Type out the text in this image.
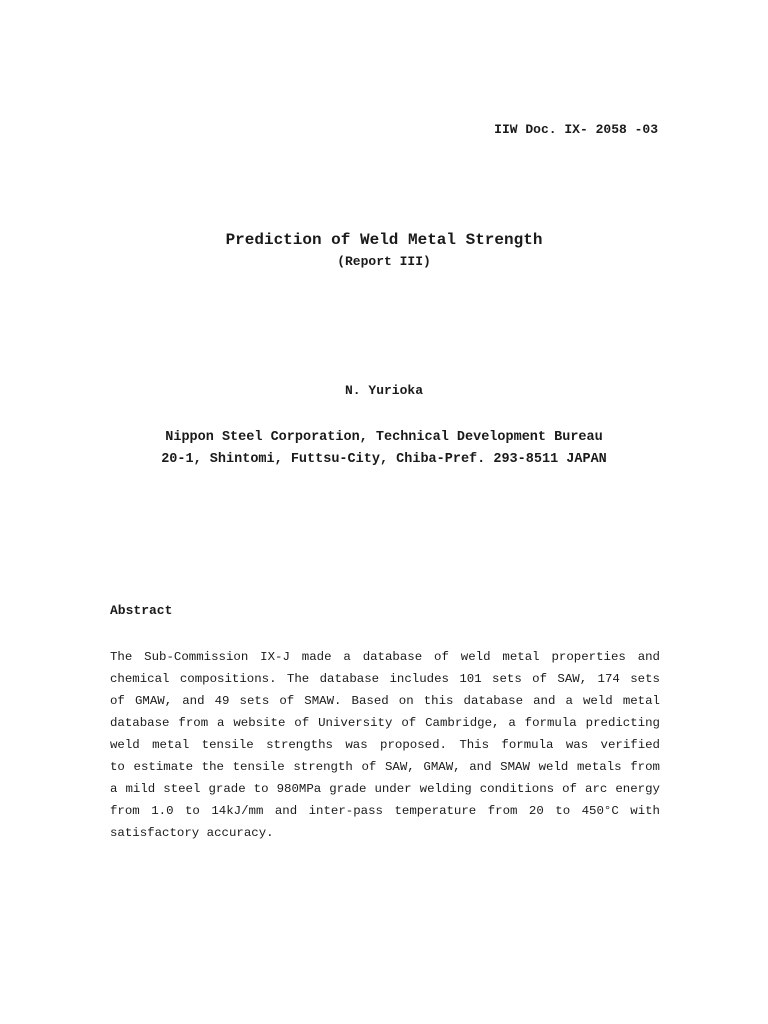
IIW Doc. IX- 2058 -03

Prediction of Weld Metal Strength

(Report III)

N. Yurioka
Nippon Steel Corporation, Technical Development Bureau
20-1, Shintomi, Futtsu-City, Chiba-Pref. 293-8511 JAPAN
Abstract
The Sub-Commission IX-J made a database of weld metal properties and
chemical compositions. The database includes 101 sets of SAW, 174 sets
of GMAW, and 49 sets of SMAW. Based on this database and a weld metal
database from a website of University of Cambridge, a formula predicting
weld metal tensile strengths was proposed. This formula was verified
to estimate the tensile strength of SAW, GMAW, and SMAW weld metals from
a mild steel grade to 980MPa grade under welding conditions of arc energy
from 1.0 to 14kJ/mm and inter-pass temperature from 20 to 450°C with
satisfactory accuracy.
